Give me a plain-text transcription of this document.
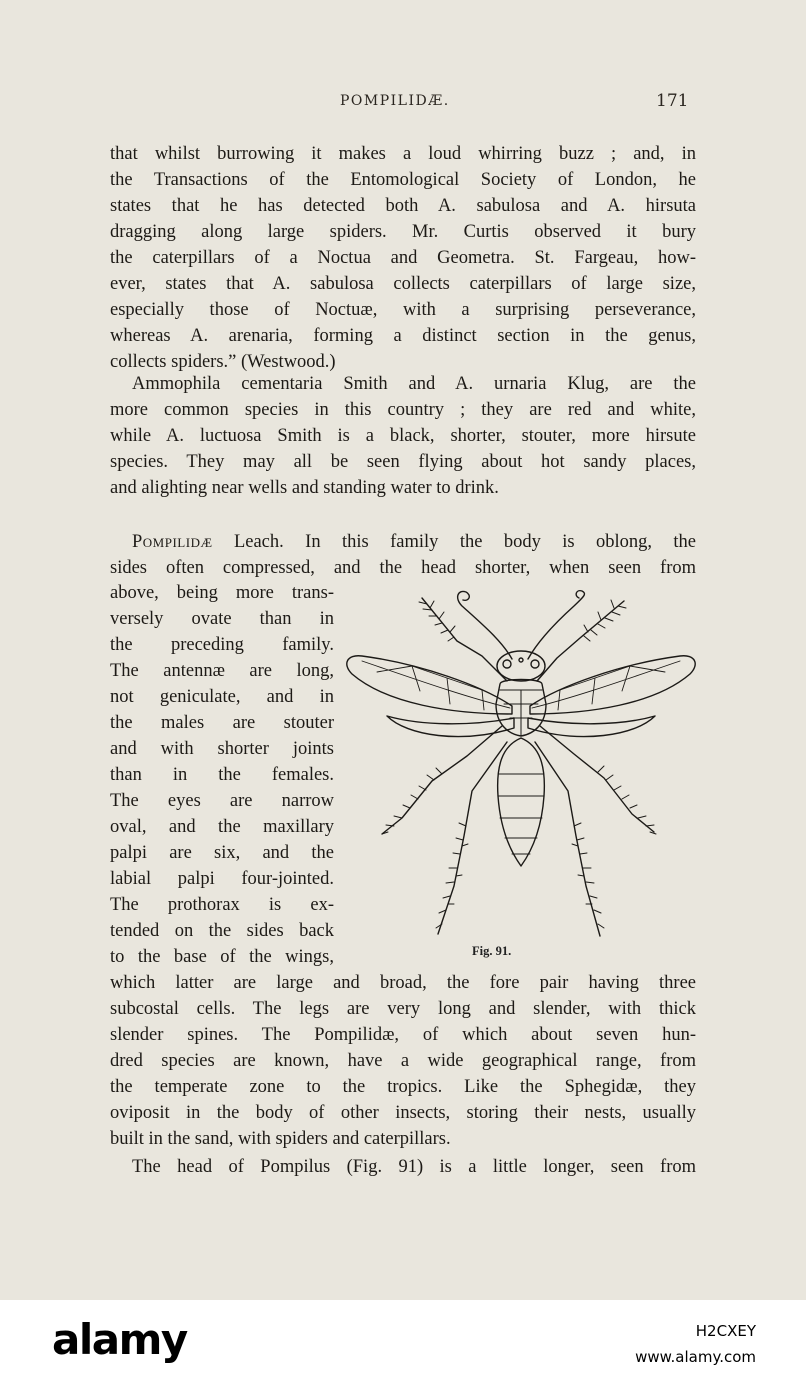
POMPILIDÆ.	171
that whilst burrowing it makes a loud whirring buzz ; and, in
the Transactions of the Entomological Society of London, he
states that he has detected both A. sabulosa and A. hirsuta
dragging along large spiders. Mr. Curtis observed it bury
the caterpillars of a Noctua and Geometra. St. Fargeau, how-
ever, states that A. sabulosa collects caterpillars of large size,
especially those of Noctuæ, with a surprising perseverance,
whereas A. arenaria, forming a distinct section in the genus,
collects spiders.” (Westwood.)
Ammophila cementaria Smith and A. urnaria Klug, are the
more common species in this country ; they are red and white,
while A. luctuosa Smith is a black, shorter, stouter, more hirsute
species. They may all be seen flying about hot sandy places,
and alighting near wells and standing water to drink.
Pompilidæ Leach. In this family the body is oblong, the
sides often compressed, and the head shorter, when seen from
above, being more trans-
versely ovate than in
the preceding family.
The antennæ are long,
not geniculate, and in
the males are stouter
and with shorter joints
than in the females.
The eyes are narrow
oval, and the maxillary
palpi are six, and the
labial palpi four-jointed.
The prothorax is ex-
tended on the sides back
to the base of the wings,	Fig. 91.
which latter are large and broad, the fore pair having three
subcostal cells. The legs are very long and slender, with thick
slender spines. The Pompilidæ, of which about seven hun-
dred species are known, have a wide geographical range, from
the temperate zone to the tropics. Like the Sphegidæ, they
oviposit in the body of other insects, storing their nests, usually
built in the sand, with spiders and caterpillars.
The head of Pompilus (Fig. 91) is a little longer, seen from
alamy	H2CXEY
www.alamy.com
